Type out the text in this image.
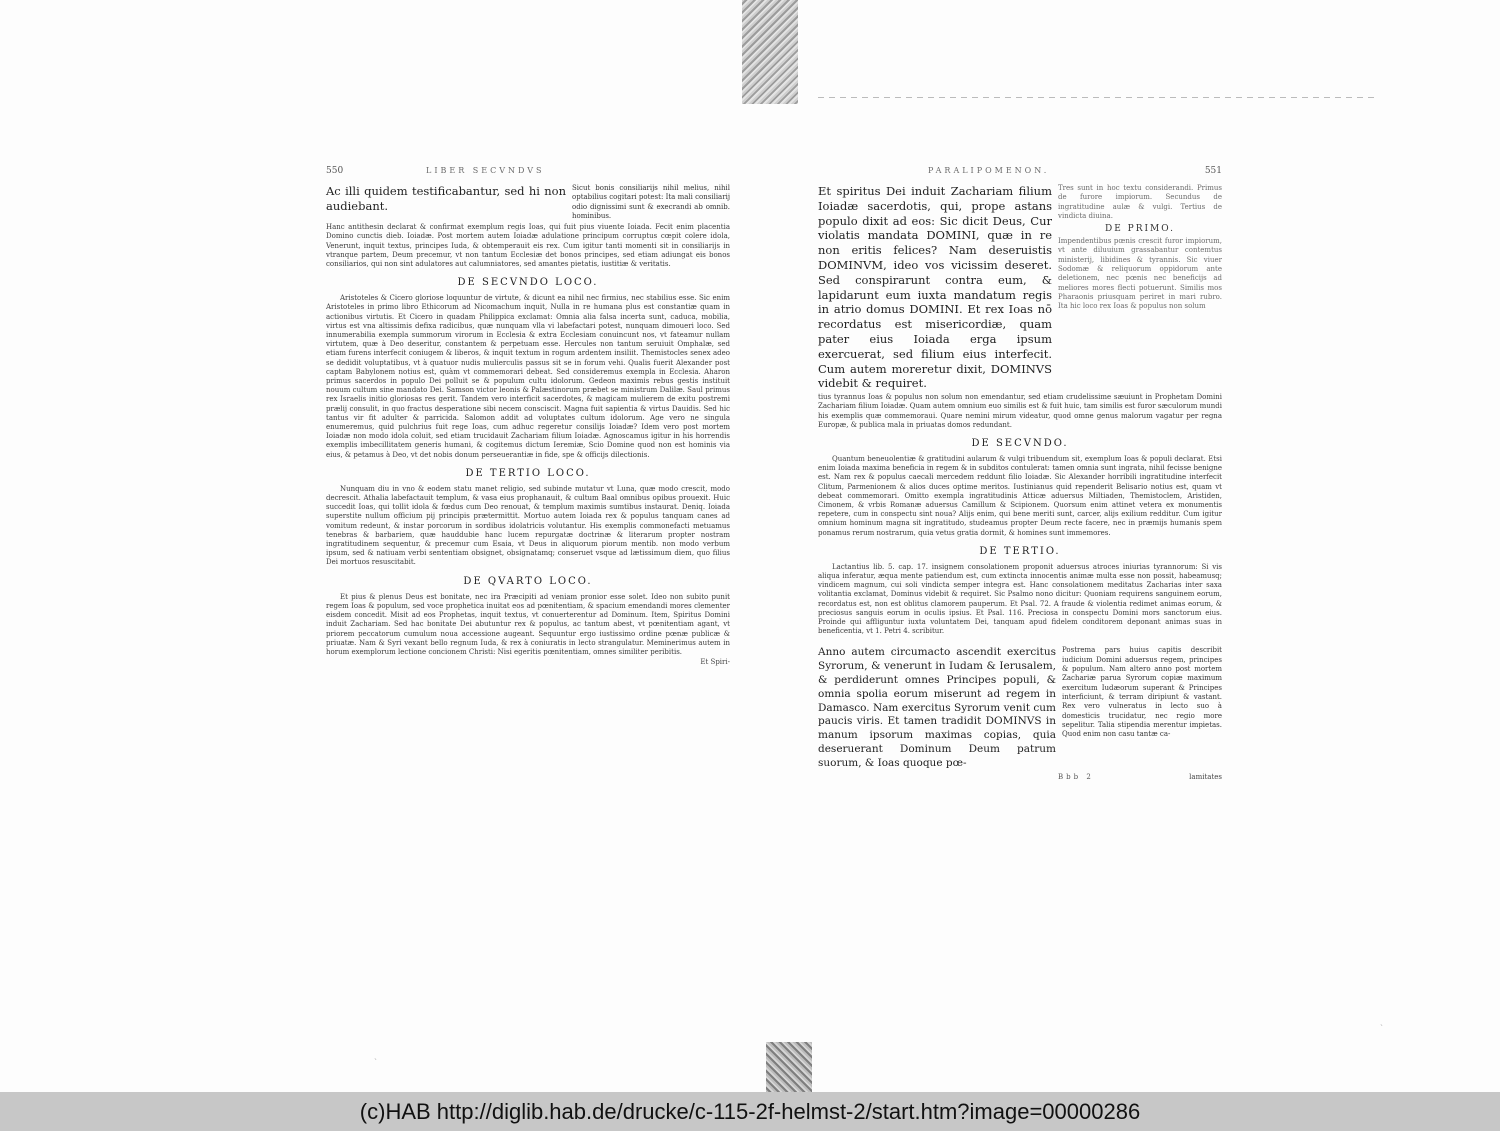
ˎ
ˎ
550	LIBER SECVNDVS
Ac illi quidem testificabantur, sed hi non audiebant.
Sicut bonis consiliarijs nihil melius, nihil optabilius cogitari potest: Ita mali consiliarij odio dignissimi sunt & execrandi ab omnib. hominibus.

Hanc antithesin declarat & confirmat exemplum regis Ioas, qui fuit pius viuente Ioiada. Fecit enim placentia Domino cunctis dieb. Ioiadæ. Post mortem autem Ioiadæ adulatione principum corruptus cœpit colere idola, Venerunt, inquit textus, principes Iuda, & obtemperauit eis rex. Cum igitur tanti momenti sit in consiliarijs in vtranque partem, Deum precemur, vt non tantum Ecclesiæ det bonos principes, sed etiam adiungat eis bonos consiliarios, qui non sint adulatores aut calumniatores, sed amantes pietatis, iustitiæ & veritatis.

DE SECVNDO LOCO.

Aristoteles & Cicero gloriose loquuntur de virtute, & dicunt ea nihil nec firmius, nec stabilius esse. Sic enim Aristoteles in primo libro Ethicorum ad Nicomachum inquit, Nulla in re humana plus est constantiæ quam in actionibus virtutis. Et Cicero in quadam Philippica exclamat: Omnia alia falsa incerta sunt, caduca, mobilia, virtus est vna altissimis defixa radicibus, quæ nunquam vlla vi labefactari potest, nunquam dimoueri loco. Sed innumerabilia exempla summorum virorum in Ecclesia & extra Ecclesiam conuincunt nos, vt fateamur nullam virtutem, quæ à Deo deseritur, constantem & perpetuam esse. Hercules non tantum seruiuit Omphalæ, sed etiam furens interfecit coniugem & liberos, & inquit textum in rogum ardentem insiliit. Themistocles senex adeo se dedidit voluptatibus, vt à quatuor nudis mulierculis passus sit se in forum vehi. Qualis fuerit Alexander post captam Babylonem notius est, quàm vt commemorari debeat. Sed consideremus exempla in Ecclesia. Aharon primus sacerdos in populo Dei polluit se & populum cultu idolorum. Gedeon maximis rebus gestis instituit nouum cultum sine mandato Dei. Samson victor leonis & Palæstinorum præbet se ministrum Dalilæ. Saul primus rex Israelis initio gloriosas res gerit. Tandem vero interficit sacerdotes, & magicam mulierem de exitu postremi prælij consulit, in quo fractus desperatione sibi necem consciscit. Magna fuit sapientia & virtus Dauidis. Sed hic tantus vir fit adulter & parricida. Salomon addit ad voluptates cultum idolorum. Age vero ne singula enumeremus, quid pulchrius fuit rege Ioas, cum adhuc regeretur consilijs Ioiadæ? Idem vero post mortem Ioiadæ non modo idola coluit, sed etiam trucidauit Zachariam filium Ioiadæ. Agnoscamus igitur in his horrendis exemplis imbecillitatem generis humani, & cogitemus dictum Ieremiæ, Scio Domine quod non est hominis via eius, & petamus à Deo, vt det nobis donum perseuerantiæ in fide, spe & officijs dilectionis.

DE TERTIO LOCO.

Nunquam diu in vno & eodem statu manet religio, sed subinde mutatur vt Luna, quæ modo crescit, modo decrescit. Athalia labefactauit templum, & vasa eius prophanauit, & cultum Baal omnibus opibus prouexit. Huic succedit Ioas, qui tollit idola & fœdus cum Deo renouat, & templum maximis sumtibus instaurat. Deniq. Ioiada superstite nullum officium pij principis prætermittit. Mortuo autem Ioiada rex & populus tanquam canes ad vomitum redeunt, & instar porcorum in sordibus idolatricis volutantur. His exemplis commonefacti metuamus tenebras & barbariem, quæ hauddubie hanc lucem repurgatæ doctrinæ & literarum propter nostram ingratitudinem sequentur, & precemur cum Esaia, vt Deus in aliquorum piorum mentib. non modo verbum ipsum, sed & natiuam verbi sententiam obsignet, obsignatamq; conseruet vsque ad lætissimum diem, quo filius Dei mortuos resuscitabit.

DE QVARTO LOCO.

Et pius & plenus Deus est bonitate, nec ira Præcipiti ad veniam pronior esse solet. Ideo non subito punit regem Ioas & populum, sed voce prophetica inuitat eos ad pœnitentiam, & spacium emendandi mores clementer eisdem concedit. Misit ad eos Prophetas, inquit textus, vt conuerterentur ad Dominum. Item, Spiritus Domini induit Zachariam. Sed hac bonitate Dei abutuntur rex & populus, ac tantum abest, vt pœnitentiam agant, vt priorem peccatorum cumulum noua accessione augeant. Sequuntur ergo iustissimo ordine pœnæ publicæ & priuatæ. Nam & Syri vexant bello regnum Iuda, & rex à coniuratis in lecto strangulatur. Meminerimus autem in horum exemplorum lectione concionem Christi: Nisi egeritis pœnitentiam, omnes similiter peribitis.

Et Spiri-
PARALIPOMENON.	551
Et spiritus Dei induit Zachariam filium Ioiadæ sacerdotis, qui, prope astans populo dixit ad eos: Sic dicit Deus, Cur violatis mandata DOMINI, quæ in re non eritis felices? Nam deseruistis DOMINVM, ideo vos vicissim deseret. Sed conspirarunt contra eum, & lapidarunt eum iuxta mandatum regis in atrio domus DOMINI. Et rex Ioas nō recordatus est misericordiæ, quam pater eius Ioiada erga ipsum exercuerat, sed filium eius interfecit. Cum autem moreretur dixit, DOMINVS videbit & requiret.
Tres sunt in hoc textu considerandi. Primus de furore impiorum. Secundus de ingratitudine aulæ & vulgi. Tertius de vindicta diuina.
DE PRIMO.
Impendentibus pœnis crescit furor impiorum, vt ante diluuium grassabantur contemtus ministerij, libidines & tyrannis. Sic viuer Sodomæ & reliquorum oppidorum ante deletionem, nec pœnis nec beneficijs ad meliores mores flecti potuerunt. Similis mos Pharaonis priusquam periret in mari rubro. Ita hic loco rex Ioas & populus non solum

tius tyrannus Ioas & populus non solum non emendantur, sed etiam crudelissime sæuiunt in Prophetam Domini Zachariam filium Ioiadæ. Quam autem omnium euo similis est & fuit huic, tam similis est furor sæculorum mundi his exemplis quæ commemoraui. Quare nemini mirum videatur, quod omne genus malorum vagatur per regna Europæ, & publica mala in priuatas domos redundant.

DE SECVNDO.

Quantum beneuolentiæ & gratitudini aularum & vulgi tribuendum sit, exemplum Ioas & populi declarat. Etsi enim Ioiada maxima beneficia in regem & in subditos contulerat: tamen omnia sunt ingrata, nihil fecisse benigne est. Nam rex & populus caecali mercedem reddunt filio Ioiadæ. Sic Alexander horribili ingratitudine interfecit Clitum, Parmenionem & alios duces optime meritos. Iustinianus quid rependerit Belisario notius est, quam vt debeat commemorari. Omitto exempla ingratitudinis Atticæ aduersus Miltiaden, Themistoclem, Aristiden, Cimonem, & vrbis Romanæ aduersus Camillum & Scipionem. Quorsum enim attinet vetera ex monumentis repetere, cum in conspectu sint noua? Alijs enim, qui bene meriti sunt, carcer, alijs exilium redditur. Cum igitur omnium hominum magna sit ingratitudo, studeamus propter Deum recte facere, nec in præmijs humanis spem ponamus rerum nostrarum, quia vetus gratia dormit, & homines sunt immemores.

DE TERTIO.

Lactantius lib. 5. cap. 17. insignem consolationem proponit aduersus atroces iniurias tyrannorum: Si vis aliqua inferatur, æqua mente patiendum est, cum extincta innocentis animæ multa esse non possit, habeamusq; vindicem magnum, cui soli vindicta semper integra est. Hanc consolationem meditatus Zacharias inter saxa volitantia exclamat, Dominus videbit & requiret. Sic Psalmo nono dicitur: Quoniam requirens sanguinem eorum, recordatus est, non est oblitus clamorem pauperum. Et Psal. 72. A fraude & violentia redimet animas eorum, & preciosus sanguis eorum in oculis ipsius. Et Psal. 116. Preciosa in conspectu Domini mors sanctorum eius. Proinde qui affliguntur iuxta voluntatem Dei, tanquam apud fidelem conditorem deponant animas suas in beneficentia, vt 1. Petri 4. scribitur.

Anno autem circumacto ascendit exercitus Syrorum, & venerunt in Iudam & Ierusalem, & perdiderunt omnes Principes populi, & omnia spolia eorum miserunt ad regem in Damasco. Nam exercitus Syrorum venit cum paucis viris. Et tamen tradidit DOMINVS in manum ipsorum maximas copias, quia deseruerant Dominum Deum patrum suorum, & Ioas quoque pœ-
Postrema pars huius capitis describit iudicium Domini aduersus regem, principes & populum. Nam altero anno post mortem Zachariæ parua Syrorum copiæ maximum exercitum Iudæorum superant & Principes interficiunt, & terram diripiunt & vastant. Rex vero vulneratus in lecto suo à domesticis trucidatur, nec regio more sepelitur. Talia stipendia merentur impietas. Quod enim non casu tantæ ca-
Bbb 2	lamitates
(c)HAB http://diglib.hab.de/drucke/c-115-2f-helmst-2/start.htm?image=00000286
